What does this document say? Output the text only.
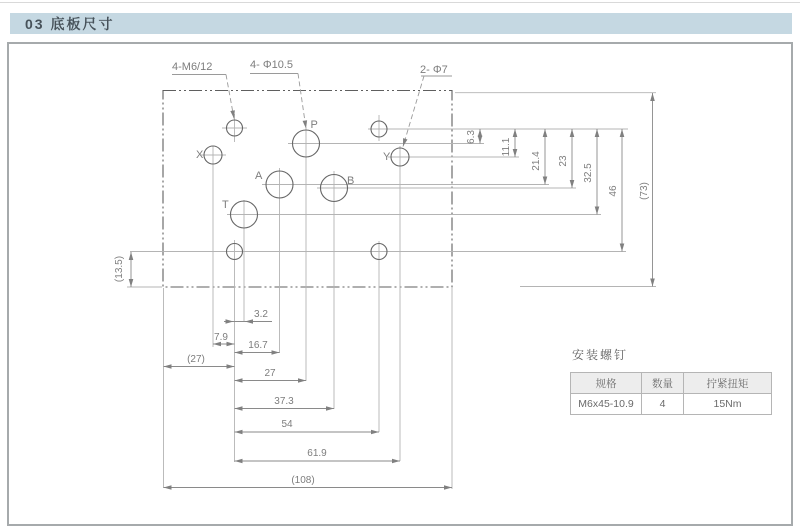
03 底板尺寸
4-M6/12	4- Φ10.5	2- Φ7
P
X	Y
A	B
T
6.3
11.1
21.4 23
32.5
46 (73)
(13.5)
3.2
7.9
16.7
(27)
27
37.3
54
61.9
(108)
安装螺钉
规格	数量	拧紧扭矩
M6x45-10.9	4	15Nm
